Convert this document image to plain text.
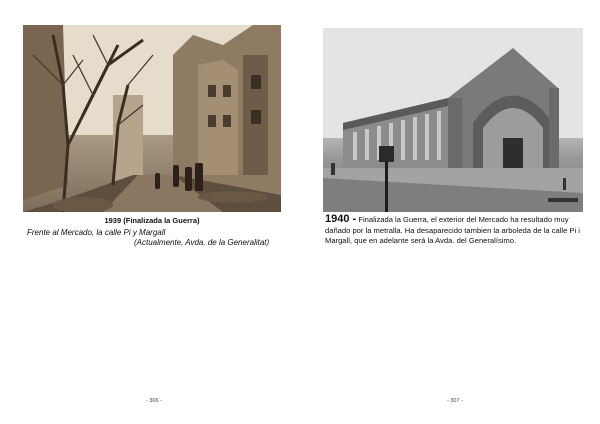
1939 (Finalizada la Guerra)
Frente al Mercado, la calle Pi y Margall
(Actualmente, Avda. de la Generalitat)
1940 - Finalizada la Guerra, el exterior del Mercado ha resultado muy dañado por la metralla. Ha desaparecido tambien la arboleda de la calle Pi i Margall, que en adelante será la Avda. del Generalísimo.
- 306 -	- 307 -
